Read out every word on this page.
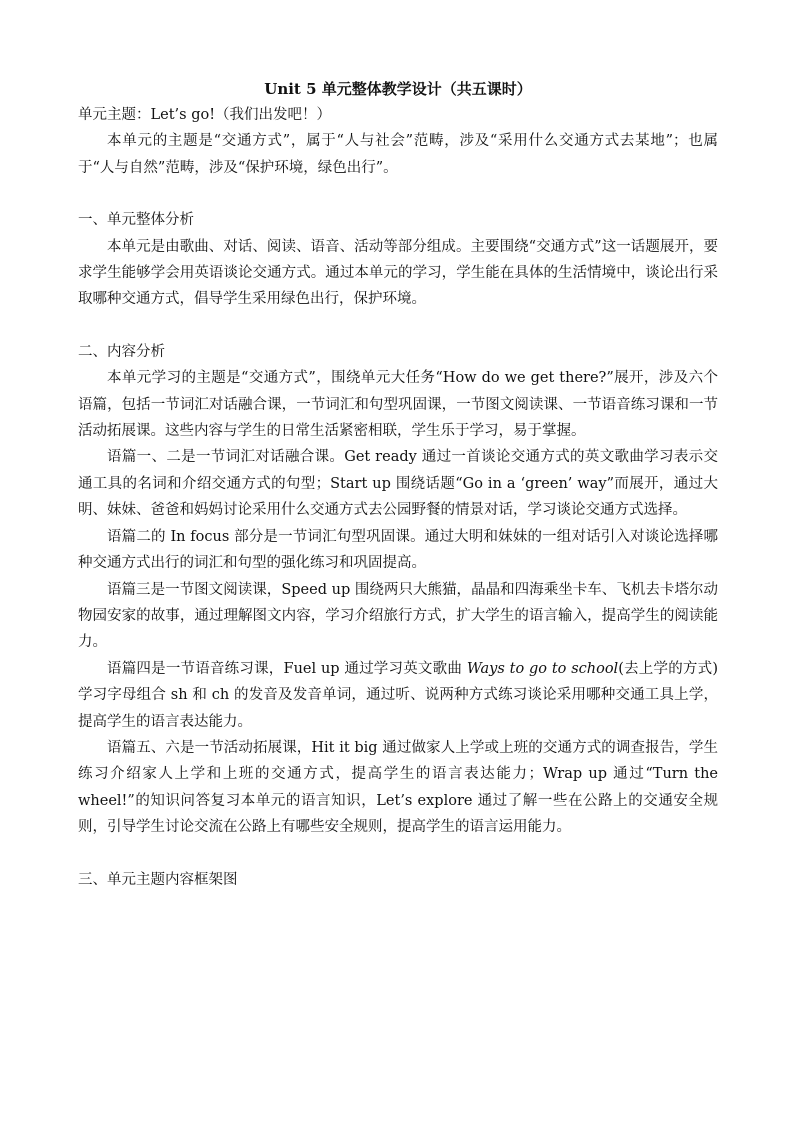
Unit 5 单元整体教学设计（共五课时）

单元主题：Let’s go!（我们出发吧！）

本单元的主题是“交通方式”，属于“人与社会”范畴，涉及“采用什么交通方式去某地”；也属于“人与自然”范畴，涉及“保护环境，绿色出行”。

一、单元整体分析

本单元是由歌曲、对话、阅读、语音、活动等部分组成。主要围绕“交通方式”这一话题展开，要求学生能够学会用英语谈论交通方式。通过本单元的学习，学生能在具体的生活情境中，谈论出行采取哪种交通方式，倡导学生采用绿色出行，保护环境。

二、内容分析

本单元学习的主题是“交通方式”，围绕单元大任务“How do we get there?”展开，涉及六个语篇，包括一节词汇对话融合课，一节词汇和句型巩固课，一节图文阅读课、一节语音练习课和一节活动拓展课。这些内容与学生的日常生活紧密相联，学生乐于学习，易于掌握。

语篇一、二是一节词汇对话融合课。Get ready 通过一首谈论交通方式的英文歌曲学习表示交通工具的名词和介绍交通方式的句型；Start up 围绕话题“Go in a ‘green’ way”而展开，通过大明、妹妹、爸爸和妈妈讨论采用什么交通方式去公园野餐的情景对话，学习谈论交通方式选择。

语篇二的 In focus 部分是一节词汇句型巩固课。通过大明和妹妹的一组对话引入对谈论选择哪种交通方式出行的词汇和句型的强化练习和巩固提高。

语篇三是一节图文阅读课，Speed up 围绕两只大熊猫，晶晶和四海乘坐卡车、飞机去卡塔尔动物园安家的故事，通过理解图文内容，学习介绍旅行方式，扩大学生的语言输入，提高学生的阅读能力。

语篇四是一节语音练习课，Fuel up 通过学习英文歌曲 Ways to go to school(去上学的方式)学习字母组合 sh 和 ch 的发音及发音单词，通过听、说两种方式练习谈论采用哪种交通工具上学，提高学生的语言表达能力。

语篇五、六是一节活动拓展课，Hit it big 通过做家人上学或上班的交通方式的调查报告，学生练习介绍家人上学和上班的交通方式，提高学生的语言表达能力；Wrap up 通过“Turn the wheel!”的知识问答复习本单元的语言知识，Let’s explore 通过了解一些在公路上的交通安全规则，引导学生讨论交流在公路上有哪些安全规则，提高学生的语言运用能力。

三、单元主题内容框架图
